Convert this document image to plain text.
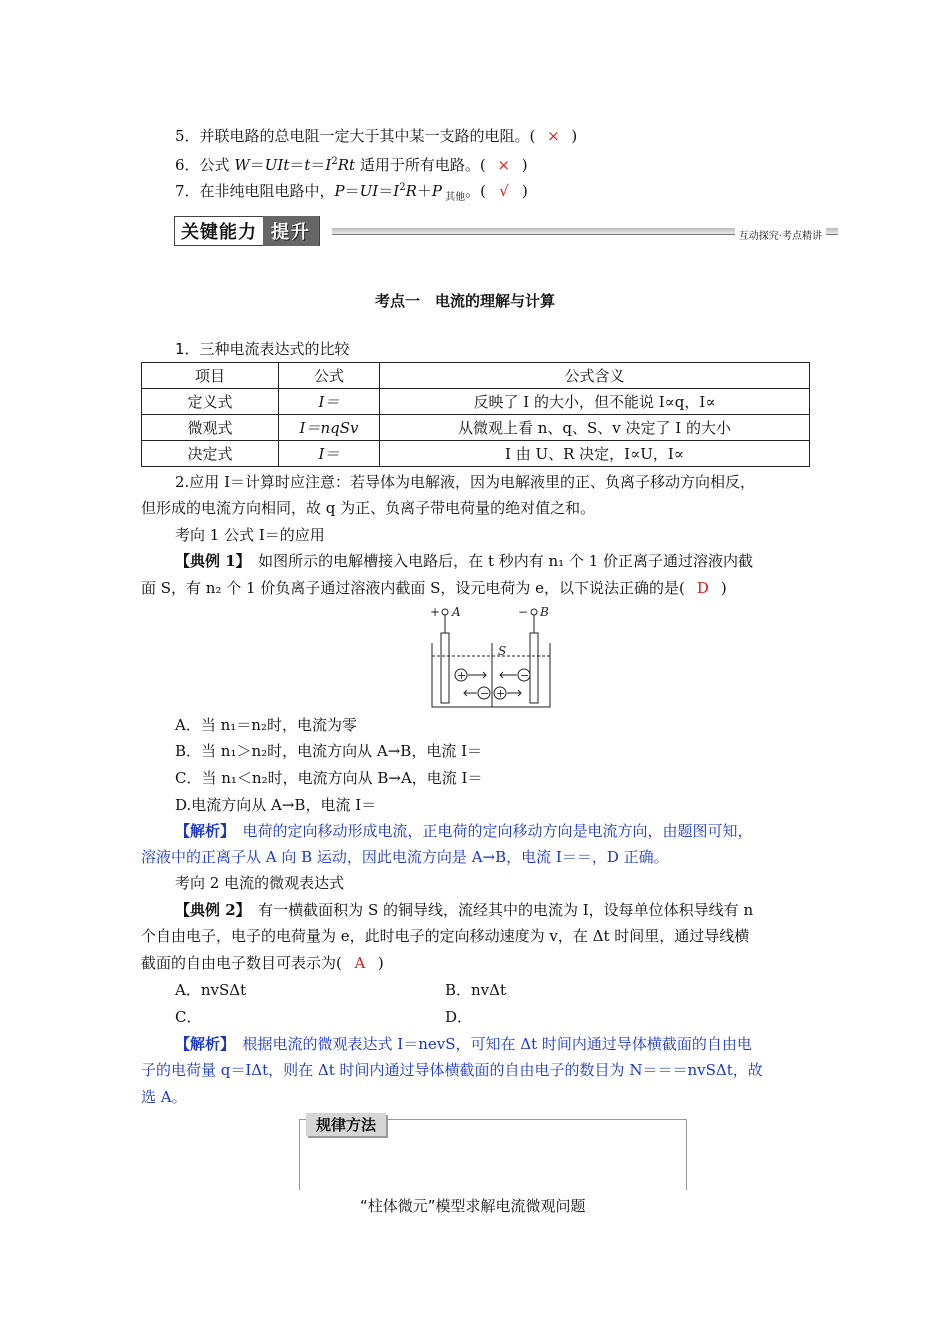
5．并联电路的总电阻一定大于其中某一支路的电阻。( × )
6．公式 $W=UIt=t=I^2Rt$ 适用于所有电路。( × )
7．在非纯电阻电路中，$P=UI=I^2R+P$ $_{其他}$。( √ )
关键能力 提升	互动探究·考点精讲
考点一　电流的理解与计算
1．三种电流表达式的比较
项目	公式	公式含义
定义式	I＝	反映了 I 的大小，但不能说 I∝q，I∝
微观式	I＝nqSv	从微观上看 n、q、S、v 决定了 I 的大小
决定式	I＝	I 由 U、R 决定，I∝U，I∝
2.应用 I＝计算时应注意：若导体为电解液，因为电解液里的正、负离子移动方向相反，
但形成的电流方向相同，故 q 为正、负离子带电荷量的绝对值之和。
考向 1 公式 I＝的应用
【典例 1】　如图所示的电解槽接入电路后，在 t 秒内有 n₁ 个 1 价正离子通过溶液内截
面 S，有 n₂ 个 1 价负离子通过溶液内截面 S，设元电荷为 e，以下说法正确的是( D )
+ A	− B
S
+	−
− +
A．当 n₁＝n₂时，电流为零
B．当 n₁＞n₂时，电流方向从 A→B，电流 I＝
C．当 n₁＜n₂时，电流方向从 B→A，电流 I＝
D.电流方向从 A→B，电流 I＝
【解析】　电荷的定向移动形成电流，正电荷的定向移动方向是电流方向，由题图可知，
溶液中的正离子从 A 向 B 运动，因此电流方向是 A→B，电流 I＝＝，D 正确。
考向 2 电流的微观表达式
【典例 2】　有一横截面积为 S 的铜导线，流经其中的电流为 I，设每单位体积导线有 n
个自由电子，电子的电荷量为 e，此时电子的定向移动速度为 v，在 Δt 时间里，通过导线横
截面的自由电子数目可表示为( A )
A．nvSΔt	B．nvΔt
C．	D．
【解析】　根据电流的微观表达式 I＝nevS，可知在 Δt 时间内通过导体横截面的自由电
子的电荷量 q＝IΔt，则在 Δt 时间内通过导体横截面的自由电子的数目为 N＝＝＝nvSΔt，故
选 A。
规律方法
“柱体微元”模型求解电流微观问题
